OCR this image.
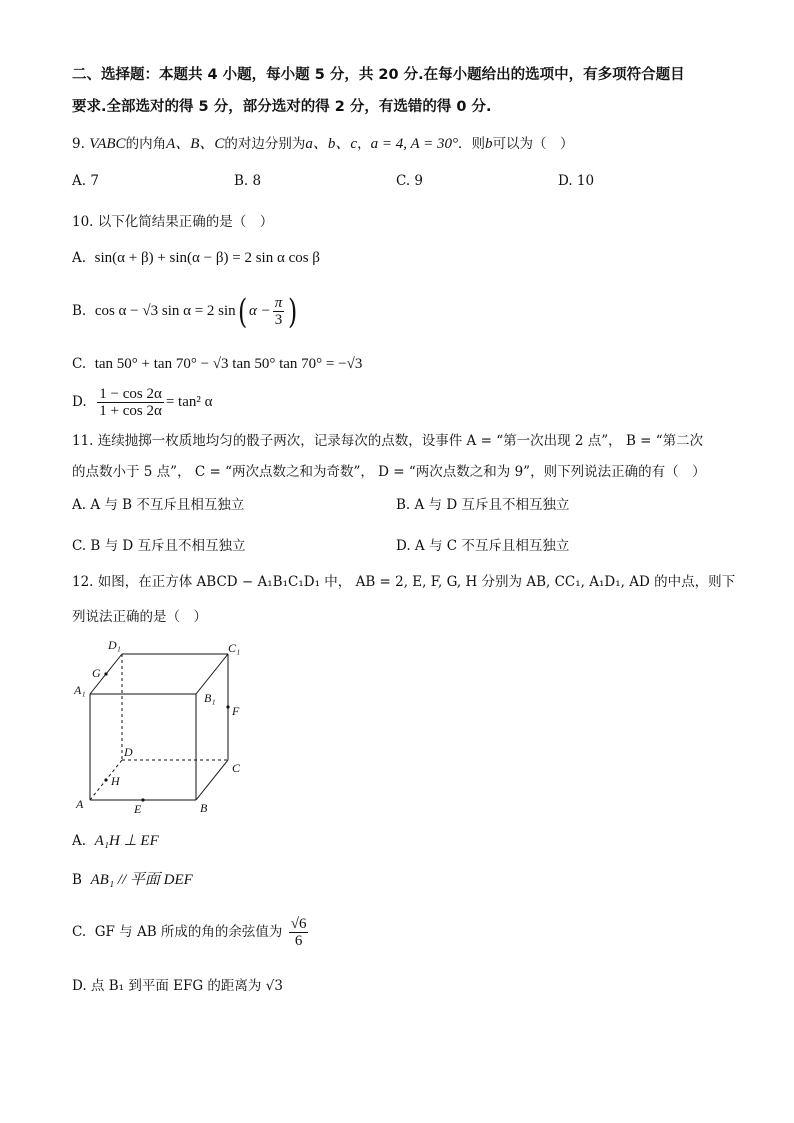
二、选择题：本题共 4 小题，每小题 5 分，共 20 分.在每小题给出的选项中，有多项符合题目
要求.全部选对的得 5 分，部分选对的得 2 分，有选错的得 0 分.
9. VABC的内角A、B、C的对边分别为a、b、c，a = 4, A = 30°．则b可以为（　）
A. 7	B. 8	C. 9	D. 10
10. 以下化简结果正确的是（　）
A. sin(α + β) + sin(α − β) = 2 sin α cos β
B. cos α − √3 sin α = 2 sin( $\alpha - \frac{\pi}{3}$ )
C. tan 50° + tan 70° − √3 tan 50° tan 70° = −√3
D. $\frac{1 - \cos 2\alpha}{1 + \cos 2\alpha} = \tan^2$ α
11. 连续抛掷一枚质地均匀的骰子两次，记录每次的点数，设事件 A = “第一次出现 2 点”， B = “第二次
的点数小于 5 点”， C = “两次点数之和为奇数”， D = “两次点数之和为 9”，则下列说法正确的有（　）
A. A 与 B 不互斥且相互独立	B. A 与 D 互斥且不相互独立
C. B 与 D 互斥且不相互独立	D. A 与 C 不互斥且相互独立
12. 如图，在正方体 ABCD − A₁B₁C₁D₁ 中， AB = 2, E, F, G, H 分别为 AB, CC₁, A₁D₁, AD 的中点，则下
列说法正确的是（　）
D₁	C₁
G
A₁
B₁
F
D
C
H
A	E	B
A. A₁H ⊥ EF
B AB₁ // 平面 DEF
C. GF 与 AB 所成的角的余弦值为 $\frac{√6}{6}$
D. 点 B₁ 到平面 EFG 的距离为 √3
